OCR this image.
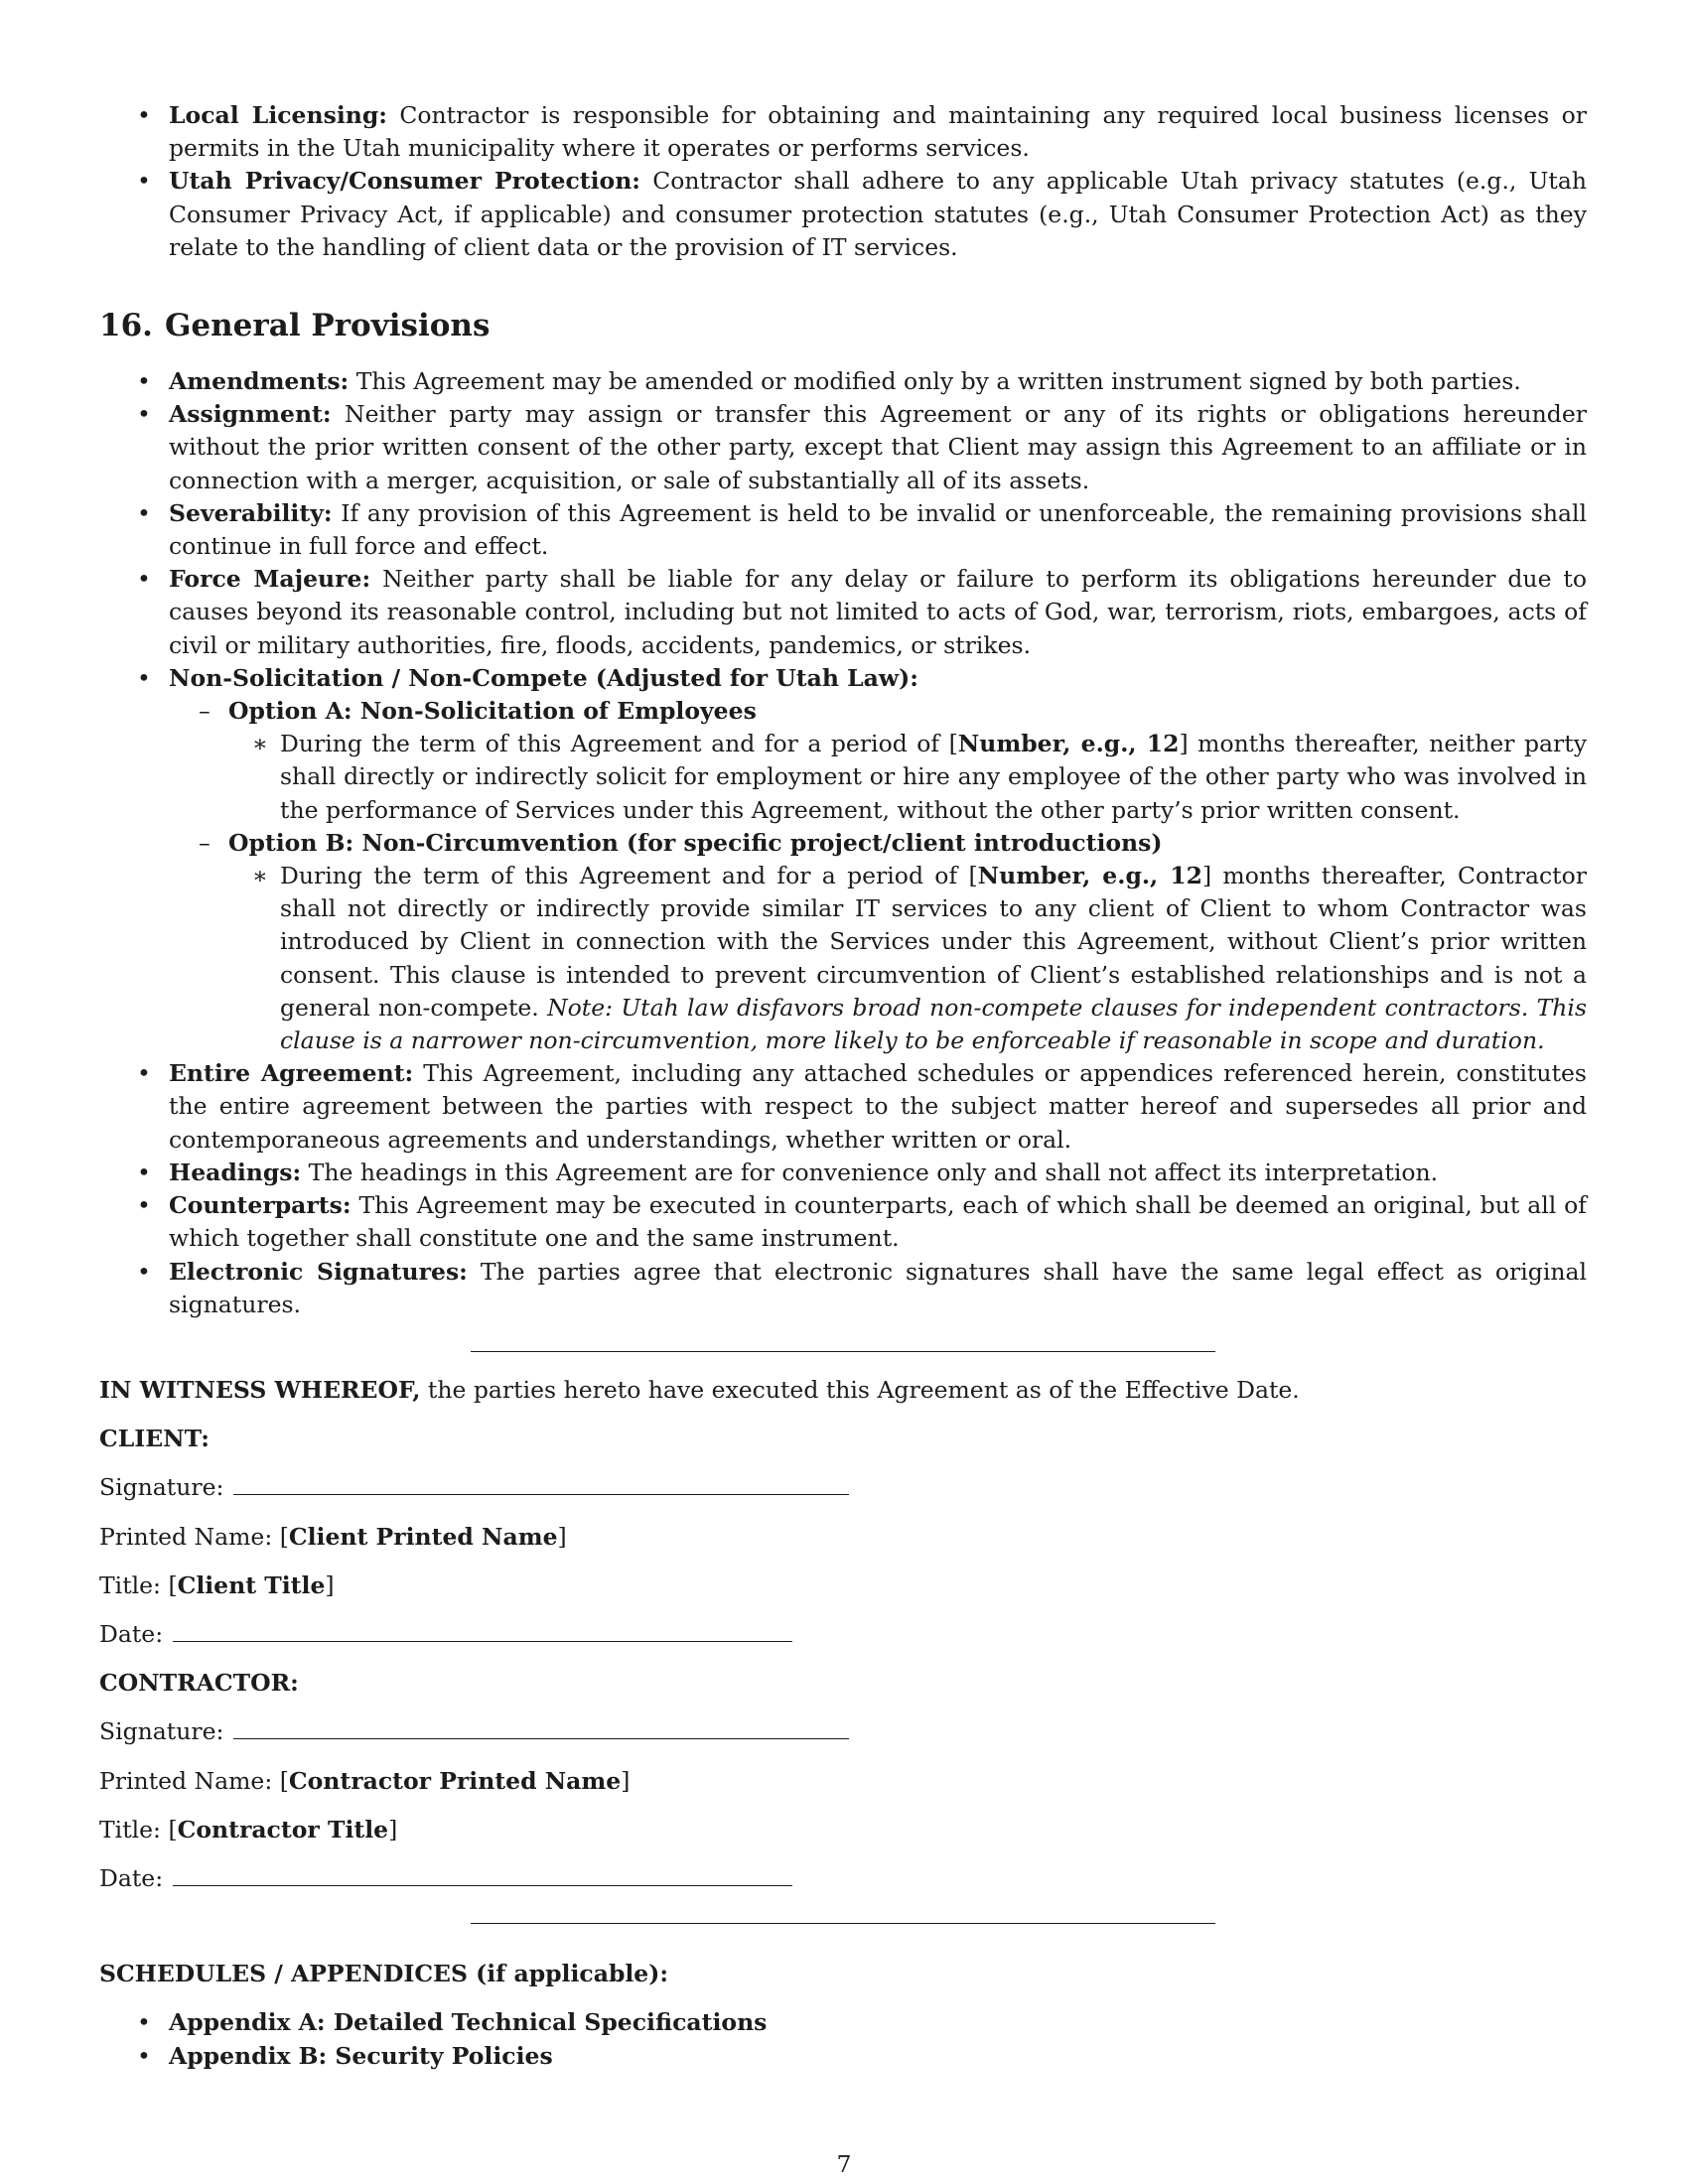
• Local Licensing: Contractor is responsible for obtaining and maintaining any required local business licenses or permits in the Utah municipality where it operates or performs services.
• Utah Privacy/Consumer Protection: Contractor shall adhere to any applicable Utah privacy statutes (e.g., Utah Consumer Privacy Act, if applicable) and consumer protection statutes (e.g., Utah Consumer Protection Act) as they relate to the handling of client data or the provision of IT services.
16. General Provisions
• Amendments: This Agreement may be amended or modified only by a written instrument signed by both parties.
• Assignment: Neither party may assign or transfer this Agreement or any of its rights or obligations hereunder without the prior written consent of the other party, except that Client may assign this Agreement to an affiliate or in connection with a merger, acquisition, or sale of substantially all of its assets.
• Severability: If any provision of this Agreement is held to be invalid or unenforceable, the remaining provisions shall continue in full force and effect.
• Force Majeure: Neither party shall be liable for any delay or failure to perform its obligations hereunder due to causes beyond its reasonable control, including but not limited to acts of God, war, terrorism, riots, embargoes, acts of civil or military authorities, fire, floods, accidents, pandemics, or strikes.
• Non-Solicitation / Non-Compete (Adjusted for Utah Law):
– Option A: Non-Solicitation of Employees
∗ During the term of this Agreement and for a period of [Number, e.g., 12] months thereafter, neither party shall directly or indirectly solicit for employment or hire any employee of the other party who was involved in the performance of Services under this Agreement, without the other party’s prior written consent.
– Option B: Non-Circumvention (for specific project/client introductions)
∗ During the term of this Agreement and for a period of [Number, e.g., 12] months thereafter, Contractor shall not directly or indirectly provide similar IT services to any client of Client to whom Contractor was introduced by Client in connection with the Services under this Agreement, without Client’s prior written consent. This clause is intended to prevent circumvention of Client’s established relationships and is not a general non-compete. Note: Utah law disfavors broad non-compete clauses for independent contractors. This clause is a narrower non-circumvention, more likely to be enforceable if reasonable in scope and duration.
• Entire Agreement: This Agreement, including any attached schedules or appendices referenced herein, constitutes the entire agreement between the parties with respect to the subject matter hereof and supersedes all prior and contemporaneous agreements and understandings, whether written or oral.
• Headings: The headings in this Agreement are for convenience only and shall not affect its interpretation.
• Counterparts: This Agreement may be executed in counterparts, each of which shall be deemed an original, but all of which together shall constitute one and the same instrument.
• Electronic Signatures: The parties agree that electronic signatures shall have the same legal effect as original signatures.
IN WITNESS WHEREOF, the parties hereto have executed this Agreement as of the Effective Date.
CLIENT:
Signature:
Printed Name: [Client Printed Name]
Title: [Client Title]
Date:
CONTRACTOR:
Signature:
Printed Name: [Contractor Printed Name]
Title: [Contractor Title]
Date:
SCHEDULES / APPENDICES (if applicable):
• Appendix A: Detailed Technical Specifications
• Appendix B: Security Policies
7
